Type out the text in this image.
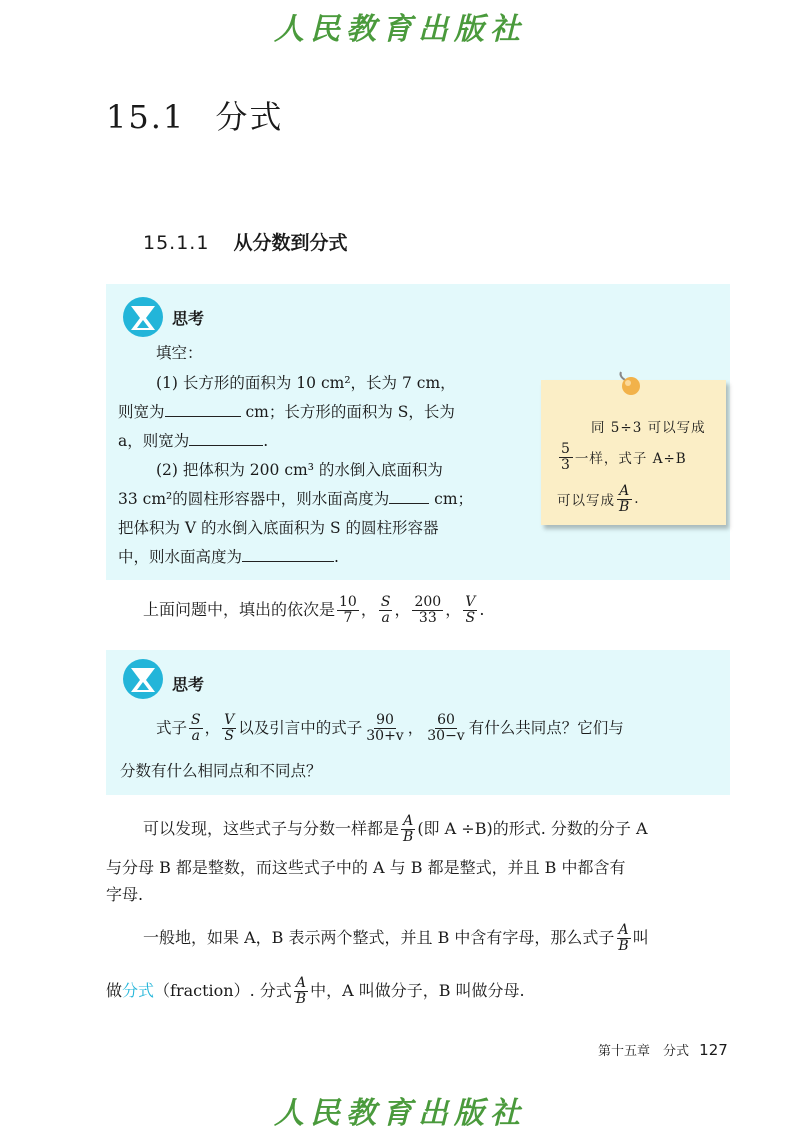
人民教育出版社
15.1 分式
15.1.1 从分数到分式
思考
填空：
(1) 长方形的面积为 10 cm²，长为 7 cm，
则宽为	cm；长方形的面积为 S，长为
a，则宽为	.
(2) 把体积为 200 cm³ 的水倒入底面积为
33 cm²的圆柱形容器中，则水面高度为	cm；
把体积为 V 的水倒入底面积为 S 的圆柱形容器
中，则水面高度为	.
同 5÷3 可以写成
$\frac{5}{3}$ 一样，式子 A÷B
可以写成 $\frac{A}{B}$ .
上面问题中，填出的依次是 $\frac{10}{7}$ ， $\frac{S}{a}$ ， $\frac{200}{33}$ ， $\frac{V}{S}$ .
思考
式子 $\frac{S}{a}$ ， $\frac{V}{S}$ 以及引言中的式子 $\frac{90}{30+v}$ ， $\frac{60}{30-v}$ 有什么共同点？它们与
分数有什么相同点和不同点？
可以发现，这些式子与分数一样都是 $\frac{A}{B}$ (即 A ÷B)的形式. 分数的分子 A
与分母 B 都是整数，而这些式子中的 A 与 B 都是整式，并且 B 中都含有
字母.
一般地，如果 A，B 表示两个整式，并且 B 中含有字母，那么式子 $\frac{A}{B}$ 叫
做 分式 （fraction）. 分式 $\frac{A}{B}$ 中，A 叫做分子，B 叫做分母.
第十五章　分式 127
人民教育出版社
